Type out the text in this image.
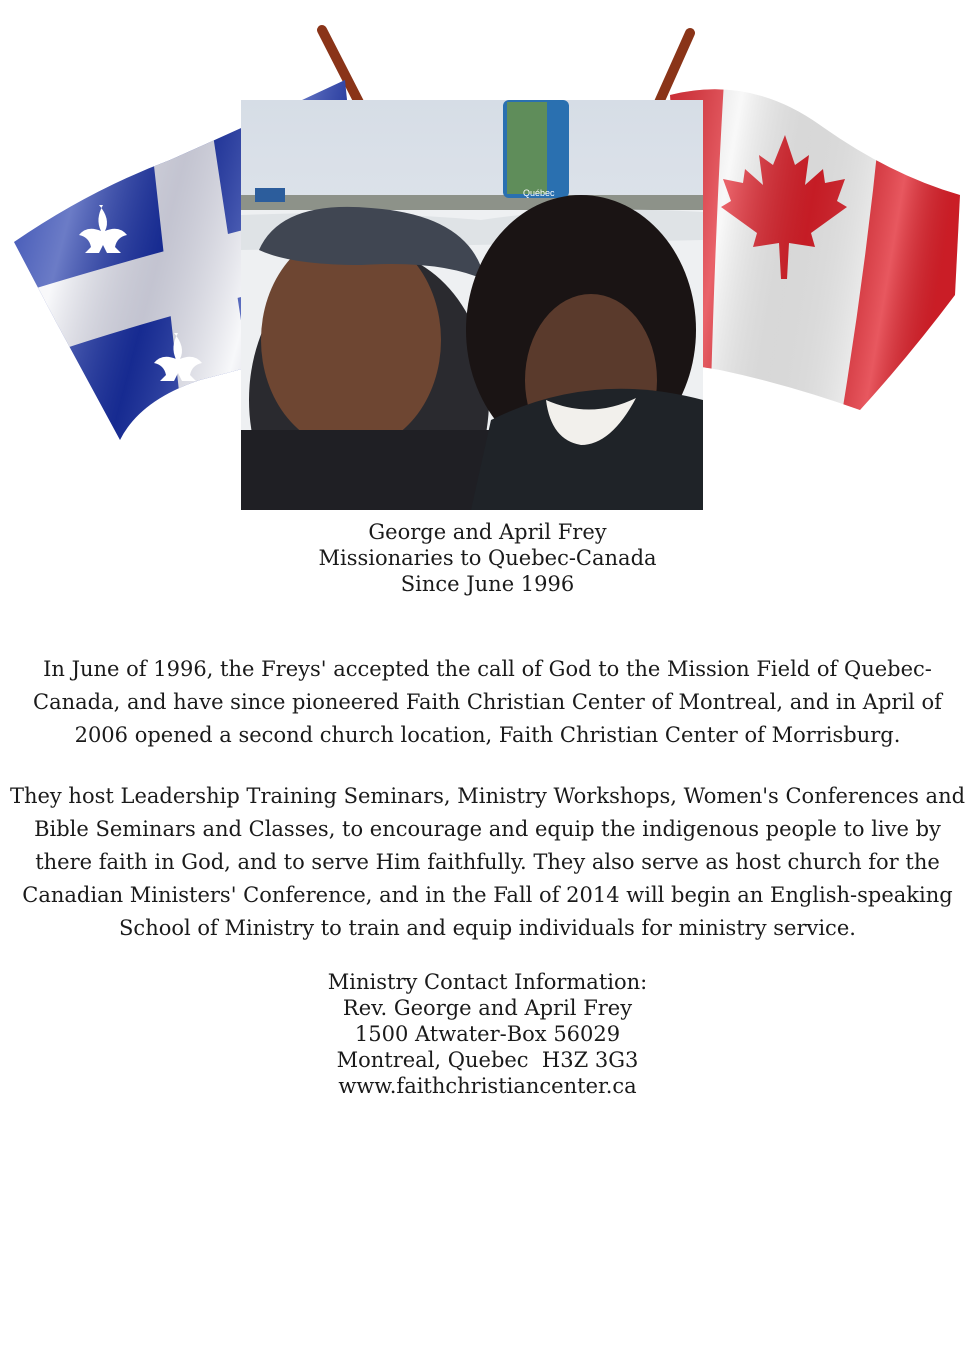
Québec
George and April Frey
Missionaries to Quebec-Canada
Since June 1996

In June of 1996, the Freys' accepted the call of God to the Mission Field of Quebec-Canada, and have since pioneered Faith Christian Center of Montreal, and in April of 2006 opened a second church location, Faith Christian Center of Morrisburg.

They host Leadership Training Seminars, Ministry Workshops, Women's Conferences and Bible Seminars and Classes, to encourage and equip the indigenous people to live by there faith in God, and to serve Him faithfully. They also serve as host church for the Canadian Ministers' Conference, and in the Fall of 2014 will begin an English-speaking School of Ministry to train and equip individuals for ministry service.

Ministry Contact Information:
Rev. George and April Frey
1500 Atwater-Box 56029
Montreal, Quebec  H3Z 3G3
www.faithchristiancenter.ca
